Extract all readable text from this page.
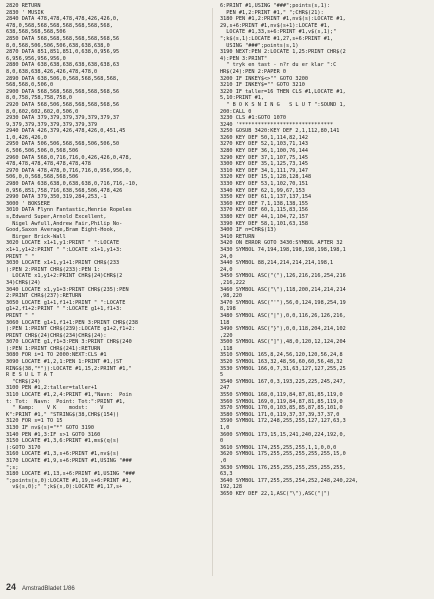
2820 RETURN
2830 ' MUSIK
2840 DATA 478,478,478,478,426,426,0,
478,0,568,568,568,568,568,568,568,
638,568,568,568,506
2850 DATA 568,568,568,568,568,568,56
8,0,568,506,506,506,638,638,638,0
2870 DATA 851,851,851,0,638,0,956,95
6,956,956,956,956,0
2880 DATA 638,638,638,638,638,638,63
8,0,638,638,426,426,478,478,0
2890 DATA 638,506,0,568,568,568,568,
568,568,0,506,0
2900 DATA 568,568,568,568,568,568,56
8,0,758,758,758,758,0
2920 DATA 568,506,568,568,568,568,56
8,0,602,602,602,0,506,0
2930 DATA 379,379,379,379,379,379,37
9,379,379,379,379,379,379,379
2940 DATA 426,379,426,478,426,0,451,45
1,0,426,426,0
2950 DATA 506,506,568,568,506,506,50
6,506,506,506,0,568,506
2960 DATA 568,0,716,716,0,426,426,0,478,
478,478,478,478,478,478,478
2970 DATA 478,478,0,716,716,0,956,956,0,
506,0,0,568,568,568,506
2980 DATA 638,638,0,638,638,0,716,716,-10,
0,956,851,758,716,638,568,506,478,426
2990 DATA 379,350,319,284,253,-1
3000 ' BOKSERE
3010 DATA Flynn Fantastic,Henrie Ropeles
s,Edward Super,Arnold Excellent,
Nigel Awfull,Andrew Fair,Philip No-
Good,Saxon Average,Bram Eight-Hook,
Birger Brick-Wall
3020 LOCATE x1+1,y1:PRINT " ":LOCATE
x1+1,y1+2:PRINT " ":LOCATE x1+1,y1+3:
PRINT " "
3030 LOCATE x1+1,y1+1:PRINT CHR$(233
):PEN 2:PRINT CHR$(233):PEN 1:
LOCATE x1,y1+2:PRINT CHR$(24)CHR$(2
34)CHR$(24)
3040 LOCATE x1,y1+3:PRINT CHR$(235):PEN
2:PRINT CHR$(237):RETURN
3050 LOCATE g1+1,f1+1:PRINT " ":LOCATE
g1+2,f1+2:PRINT " ":LOCATE g1+1,f1+3:
PRINT " "
3060 LOCATE g1+1,f1+1:PEN 3:PRINT CHR$(238
):PEN 1:PRINT CHR$(239):LOCATE g1+2,f1+2:
PRINT CHR$(24)CHR$(234)CHR$(24):
3070 LOCATE g1,f1+3:PEN 3:PRINT CHR$(240
):PEN 1:PRINT CHR$(241):RETURN
3080 FOR i=1 TO 2000:NEXT:CLS #1
3090 LOCATE #1,2,1:PEN 1:PRINT #1,(ST
RING$(38,"*")):LOCATE #1,15,2:PRINT #1,"
R E S U L T A T
"CHR$(24)
3100 PEN #1,2:taller=taller+1
3110 LOCATE #1,2,4:PRINT #1,"Navn:  Poin
t: Tot:  Navn:  Point: Tot:":PRINT #1,
" Kamp:    V K    modst:    V
K":PRINT #1," "STRING$(38,CHR$(154))
3120 FOR s=1 TO 15
3130 IF nv$(s)="*" GOTO 3190
3140 PEN #1,3:IF s>1 GOTO 3160
3150 LOCATE #1,3,6:PRINT #1,ms$(q(s)
):GOTO 3170
3160 LOCATE #1,3,s+6:PRINT #1,nv$(s)
3170 LOCATE #1,9,s+6:PRINT #1,USING "###
";s;
3180 LOCATE #1,13,s+6:PRINT #1,USING "###
";points(s,0):LOCATE #1,19,s+6:PRINT #1,
v$(s,0);" ";k$(s,0):LOCATE #1,17,s+
6:PRINT #1,USING "###";points(s,1):
PEN #1,2:PRINT #1," ";CHR$(21):
3180 PEN #1,2:PRINT #1,nv$(s):LOCATE #1,
29,s+6:PRINT #1,nv$(s+1):LOCATE #1,
LOCATE #1,33,s+6:PRINT #1,v$(s,1);"
";k$(s,1):LOCATE #1,27,s+6:PRINT #1,
USING "###";points(s,1)
3190 NEXT:PEN 2:LOCATE 1,25:PRINT CHR$(2
4):PEN 3:PRINT"
" tryk en tast - n?r du er klar ":C
HR$(24):PEN 2:PAPER 0
3200 IF INKEY$<>"" GOTO 3200
3210 IF INKEY$="" GOTO 3210
3220 IF taller=16 THEN CLS #1,LOCATE #1,
5,10:PRINT #1,
" B O K S N I N G   S L U T ":SOUND 1,
200:CALL 0
3230 CLS #1:GOTO 1070
3240 '******************************
3250 GOSUB 3420:KEY DEF 2,1,112,80,141
3260 KEY DEF 50,1,114,82,142
3270 KEY DEF 52,1,103,71,143
3280 KEY DEF 36,1,100,76,144
3290 KEY DEF 37,1,107,75,145
3300 KEY DEF 35,1,125,73,145
3310 KEY DEF 34,1,111,79,147
3320 KEY DEF 15,1,128,128,148
3330 KEY DEF 53,1,102,70,151
3340 KEY DEF 62,1,99,67,153
3350 KEY DEF 61,1,137,137,154
3360 KEY DEF 7,1,138,138,155
3370 KEY DEF 60,1,115,83,156
3380 KEY DEF 44,1,104,72,157
3390 KEY DEF 58,1,101,63,158
3400 IF n=CHR$(13)
3410 RETURN
3420 ON ERROR GOTO 3430:SYMBOL AFTER 32
3430 SYMBOL 74,194,198,198,198,198,198,1
24,0
3440 SYMBOL 88,214,214,214,214,198,1
24,0
3450 SYMBOL ASC("("),126,216,216,254,216
,216,222
3460 SYMBOL ASC("\"),118,200,214,214,214
,98,220
3470 SYMBOL ASC("'"),56,0,124,198,254,19
8,198
3480 SYMBOL ASC("|"),0,0,116,26,126,216,
118
3490 SYMBOL ASC("}"),0,0,118,204,214,102
,220
3500 SYMBOL ASC("]"),48,0,120,12,124,204
,118
3510 SYMBOL 165,8,24,56,120,120,56,24,8
3520 SYMBOL 163,32,48,56,60,60,56,48,32
3530 SYMBOL 166,0,7,31,63,127,127,255,25
5
3540 SYMBOL 167,0,3,193,225,225,245,247,
247
3550 SYMBOL 168,0,119,84,87,81,85,119,0
3560 SYMBOL 169,0,119,84,87,81,85,119,0
3570 SYMBOL 170,0,103,85,85,87,85,101,0
3580 SYMBOL 171,0,119,37,37,39,37,37,0
3590 SYMBOL 172,248,255,255,127,127,63,3
1,0
3600 SYMBOL 173,15,15,241,240,224,192,0,
0
3610 SYMBOL 174,255,255,255,1,1,0,0,0
3620 SYMBOL 175,255,255,255,255,255,15,0
,0
3630 SYMBOL 176,255,255,255,255,255,255,
63,3
3640 SYMBOL 177,255,255,254,252,248,240,224,
192,128
3650 KEY DEF 22,1,ASC("\"),ASC("|")
24 AmstradBladet 1/86
